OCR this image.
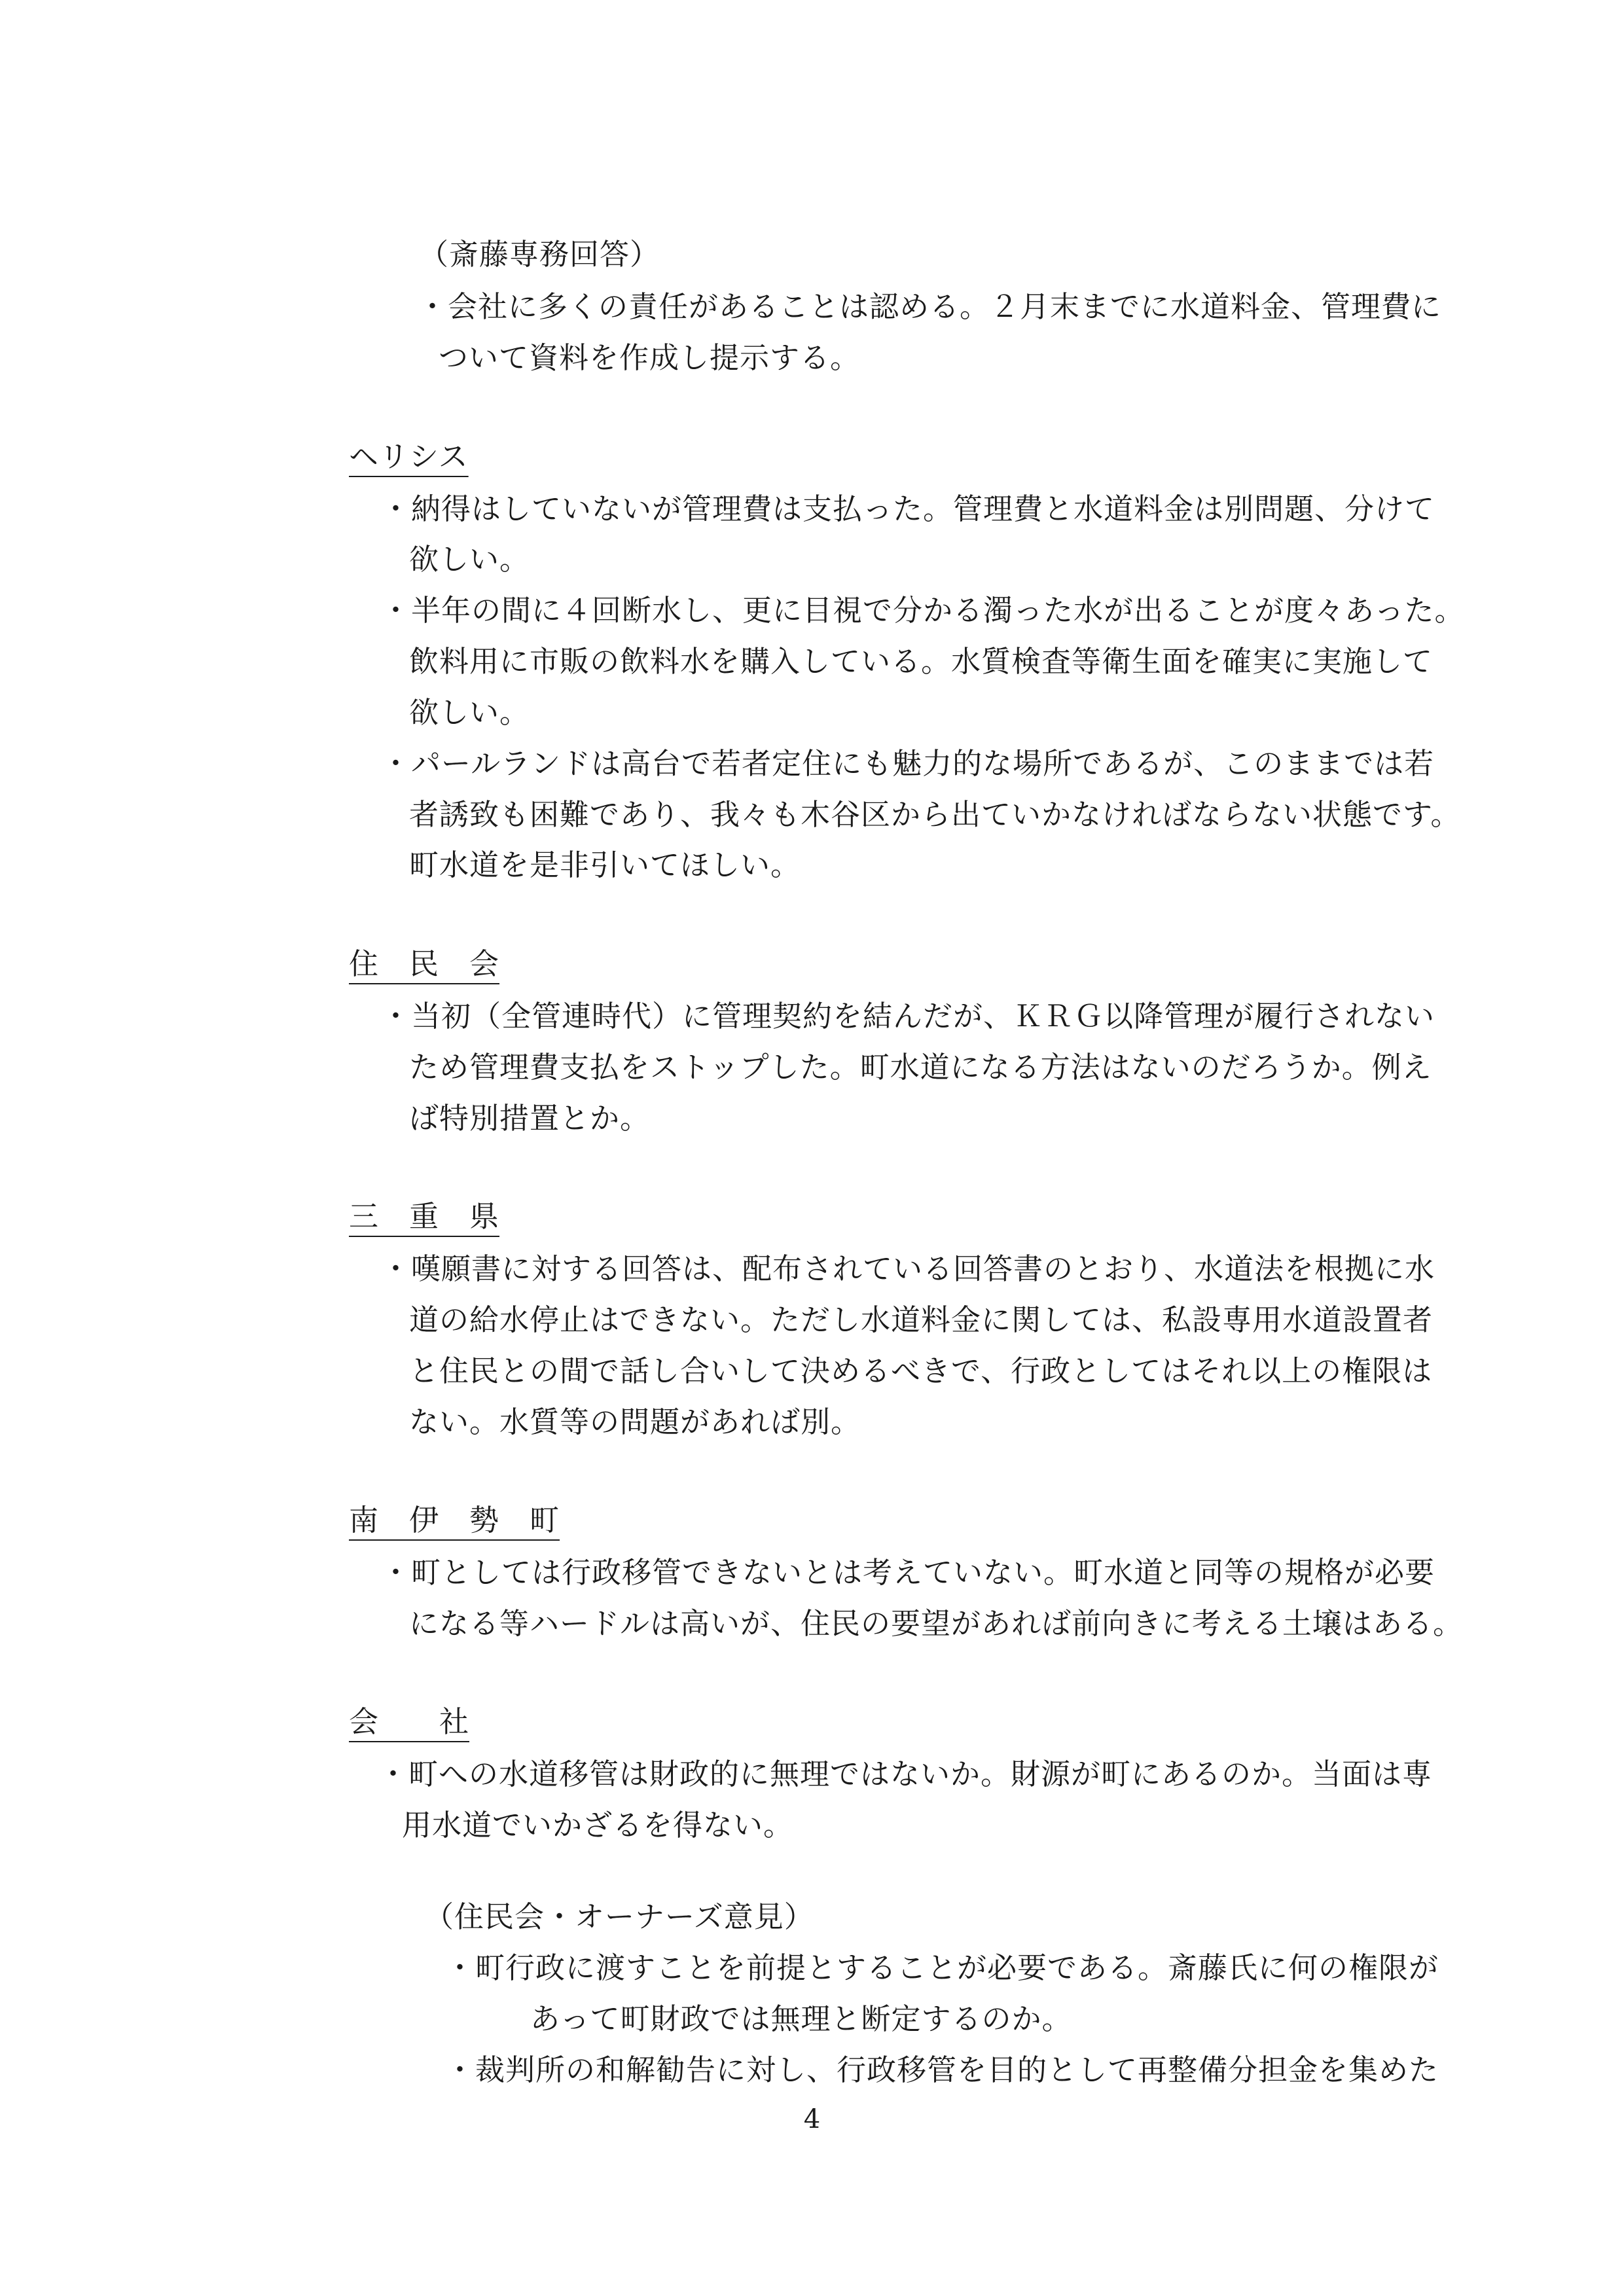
（斎藤専務回答）
・会社に多くの責任があることは認める。２月末までに水道料金、管理費に
ついて資料を作成し提示する。
ヘリシス
・納得はしていないが管理費は支払った。管理費と水道料金は別問題、分けて
欲しい。
・半年の間に４回断水し、更に目視で分かる濁った水が出ることが度々あった。
飲料用に市販の飲料水を購入している。水質検査等衛生面を確実に実施して
欲しい。
・パールランドは高台で若者定住にも魅力的な場所であるが、このままでは若
者誘致も困難であり、我々も木谷区から出ていかなければならない状態です。
町水道を是非引いてほしい。
住　民　会
・当初（全管連時代）に管理契約を結んだが、ＫＲＧ以降管理が履行されない
ため管理費支払をストップした。町水道になる方法はないのだろうか。例え
ば特別措置とか。
三　重　県
・嘆願書に対する回答は、配布されている回答書のとおり、水道法を根拠に水
道の給水停止はできない。ただし水道料金に関しては、私設専用水道設置者
と住民との間で話し合いして決めるべきで、行政としてはそれ以上の権限は
ない。水質等の問題があれば別。
南　伊　勢　町
・町としては行政移管できないとは考えていない。町水道と同等の規格が必要
になる等ハードルは高いが、住民の要望があれば前向きに考える土壌はある。
会　　社
・町への水道移管は財政的に無理ではないか。財源が町にあるのか。当面は専
用水道でいかざるを得ない。
（住民会・オーナーズ意見）
・町行政に渡すことを前提とすることが必要である。斎藤氏に何の権限が
あって町財政では無理と断定するのか。
・裁判所の和解勧告に対し、行政移管を目的として再整備分担金を集めた
4
